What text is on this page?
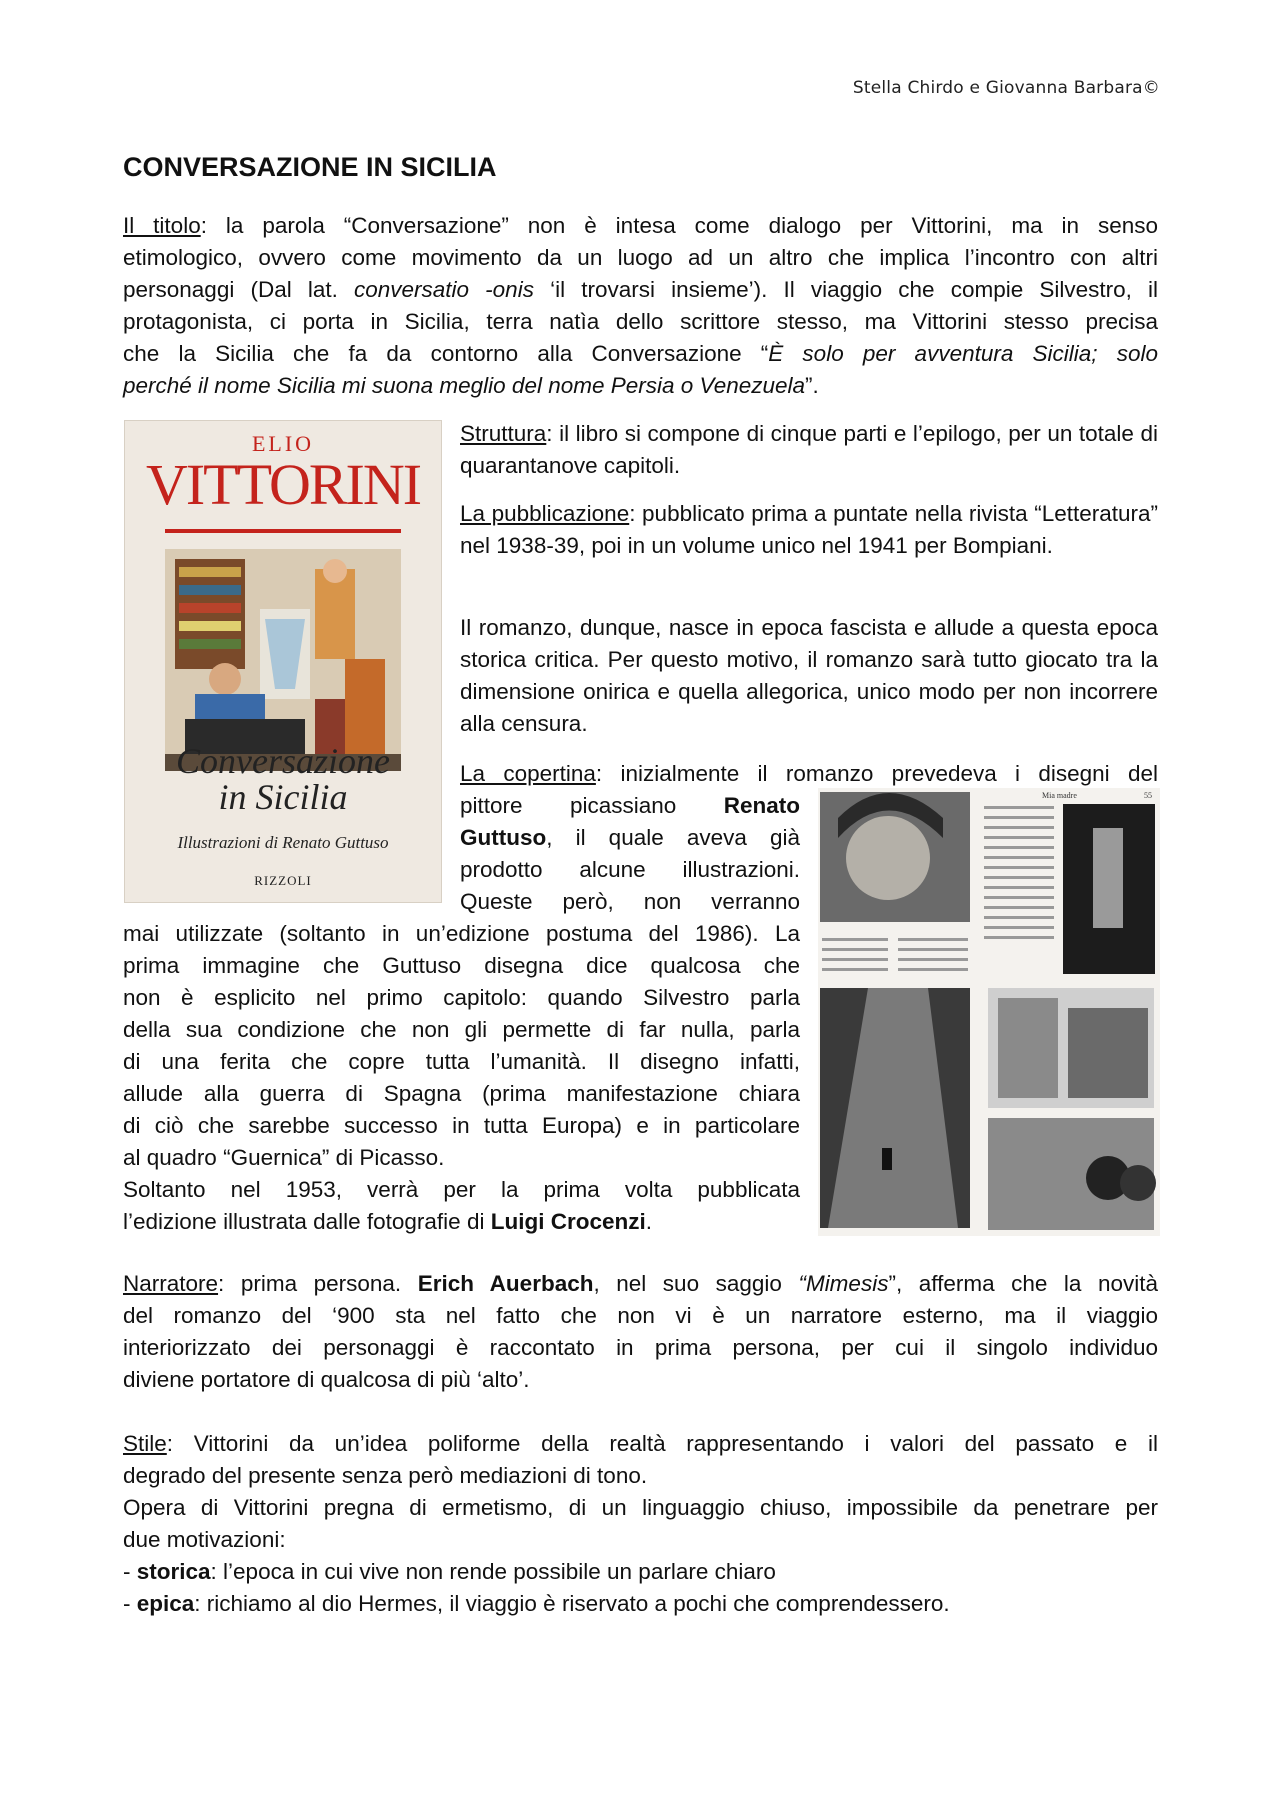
Stella Chirdo e Giovanna Barbara©
CONVERSAZIONE IN SICILIA

Il titolo: la parola “Conversazione” non è intesa come dialogo per Vittorini, ma in senso

etimologico, ovvero come movimento da un luogo ad un altro che implica l’incontro con altri

personaggi (Dal lat. conversatio -onis ‘il trovarsi insieme’). Il viaggio che compie Silvestro, il

protagonista, ci porta in Sicilia, terra natìa dello scrittore stesso, ma Vittorini stesso precisa

che la Sicilia che fa da contorno alla Conversazione “È solo per avventura Sicilia; solo

perché il nome Sicilia mi suona meglio del nome Persia o Venezuela”.

ELIO
VITTORINI
Conversazione
in Sicilia
Illustrazioni di Renato Guttuso
RIZZOLI

Struttura: il libro si compone di cinque parti e l’epilogo, per un totale di quarantanove capitoli.

La pubblicazione: pubblicato prima a puntate nella rivista “Letteratura” nel 1938-39, poi in un volume unico nel 1941 per Bompiani.

Il romanzo, dunque, nasce in epoca fascista e allude a questa epoca storica critica. Per questo motivo, il romanzo sarà tutto giocato tra la dimensione onirica e quella allegorica, unico modo per non incorrere alla censura.

La copertina: inizialmente il romanzo prevedeva i disegni del

pittore picassiano Renato

Guttuso, il quale aveva già

prodotto alcune illustrazioni.

Queste però, non verranno

mai utilizzate (soltanto in un’edizione postuma del 1986). La

prima immagine che Guttuso disegna dice qualcosa che

non è esplicito nel primo capitolo: quando Silvestro parla

della sua condizione che non gli permette di far nulla, parla

di una ferita che copre tutta l’umanità. Il disegno infatti,

allude alla guerra di Spagna (prima manifestazione chiara

di ciò che sarebbe successo in tutta Europa) e in particolare

al quadro “Guernica” di Picasso.

Soltanto nel 1953, verrà per la prima volta pubblicata

l’edizione illustrata dalle fotografie di Luigi Crocenzi.

Mia madre	55

Narratore: prima persona. Erich Auerbach, nel suo saggio “Mimesis”, afferma che la novità

del romanzo del ‘900 sta nel fatto che non vi è un narratore esterno, ma il viaggio

interiorizzato dei personaggi è raccontato in prima persona, per cui il singolo individuo

diviene portatore di qualcosa di più ‘alto’.

Stile: Vittorini da un’idea poliforme della realtà rappresentando i valori del passato e il

degrado del presente senza però mediazioni di tono.

Opera di Vittorini pregna di ermetismo, di un linguaggio chiuso, impossibile da penetrare per

due motivazioni:

- storica: l’epoca in cui vive non rende possibile un parlare chiaro

- epica: richiamo al dio Hermes, il viaggio è riservato a pochi che comprendessero.
